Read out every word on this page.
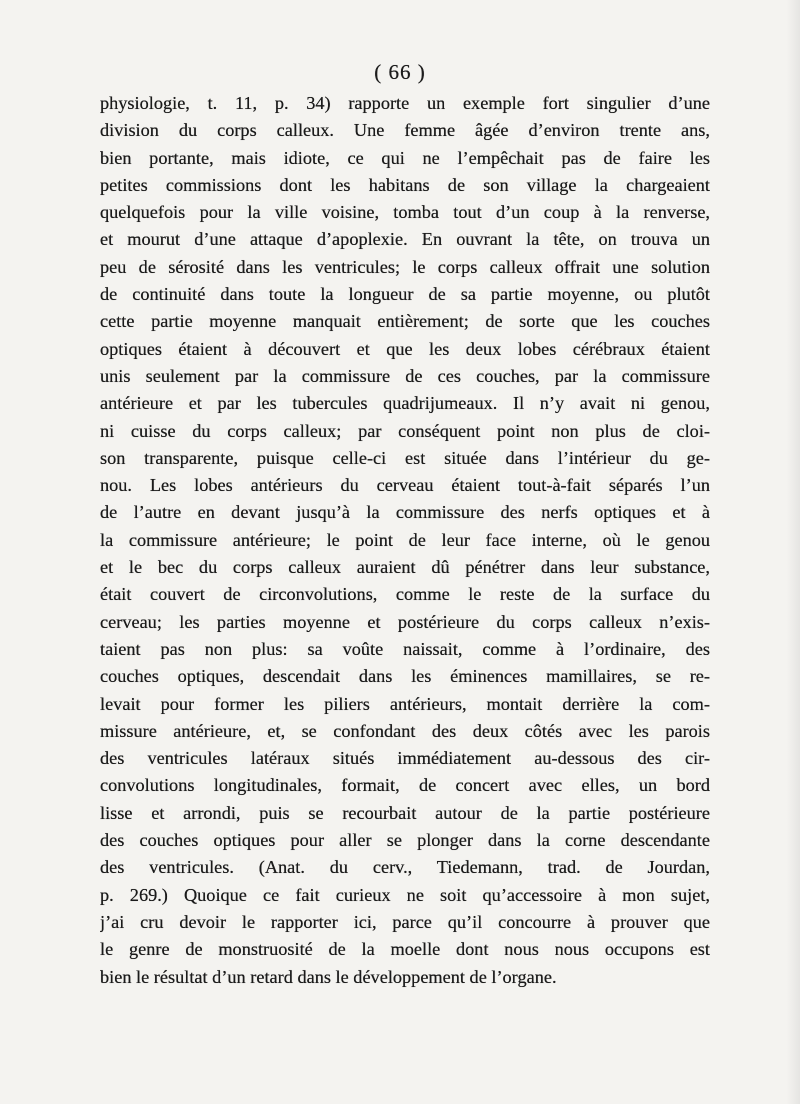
( 66 )
physiologie, t. 11, p. 34) rapporte un exemple fort singulier d’une
division du corps calleux. Une femme âgée d’environ trente ans,
bien portante, mais idiote, ce qui ne l’empêchait pas de faire les
petites commissions dont les habitans de son village la chargeaient
quelquefois pour la ville voisine, tomba tout d’un coup à la renverse,
et mourut d’une attaque d’apoplexie. En ouvrant la tête, on trouva un
peu de sérosité dans les ventricules; le corps calleux offrait une solution
de continuité dans toute la longueur de sa partie moyenne, ou plutôt
cette partie moyenne manquait entièrement; de sorte que les couches
optiques étaient à découvert et que les deux lobes cérébraux étaient
unis seulement par la commissure de ces couches, par la commissure
antérieure et par les tubercules quadrijumeaux. Il n’y avait ni genou,
ni cuisse du corps calleux; par conséquent point non plus de cloi-
son transparente, puisque celle-ci est située dans l’intérieur du ge-
nou. Les lobes antérieurs du cerveau étaient tout-à-fait séparés l’un
de l’autre en devant jusqu’à la commissure des nerfs optiques et à
la commissure antérieure; le point de leur face interne, où le genou
et le bec du corps calleux auraient dû pénétrer dans leur substance,
était couvert de circonvolutions, comme le reste de la surface du
cerveau; les parties moyenne et postérieure du corps calleux n’exis-
taient pas non plus: sa voûte naissait, comme à l’ordinaire, des
couches optiques, descendait dans les éminences mamillaires, se re-
levait pour former les piliers antérieurs, montait derrière la com-
missure antérieure, et, se confondant des deux côtés avec les parois
des ventricules latéraux situés immédiatement au-dessous des cir-
convolutions longitudinales, formait, de concert avec elles, un bord
lisse et arrondi, puis se recourbait autour de la partie postérieure
des couches optiques pour aller se plonger dans la corne descendante
des ventricules. (Anat. du cerv., Tiedemann, trad. de Jourdan,
p. 269.) Quoique ce fait curieux ne soit qu’accessoire à mon sujet,
j’ai cru devoir le rapporter ici, parce qu’il concourre à prouver que
le genre de monstruosité de la moelle dont nous nous occupons est
bien le résultat d’un retard dans le développement de l’organe.
